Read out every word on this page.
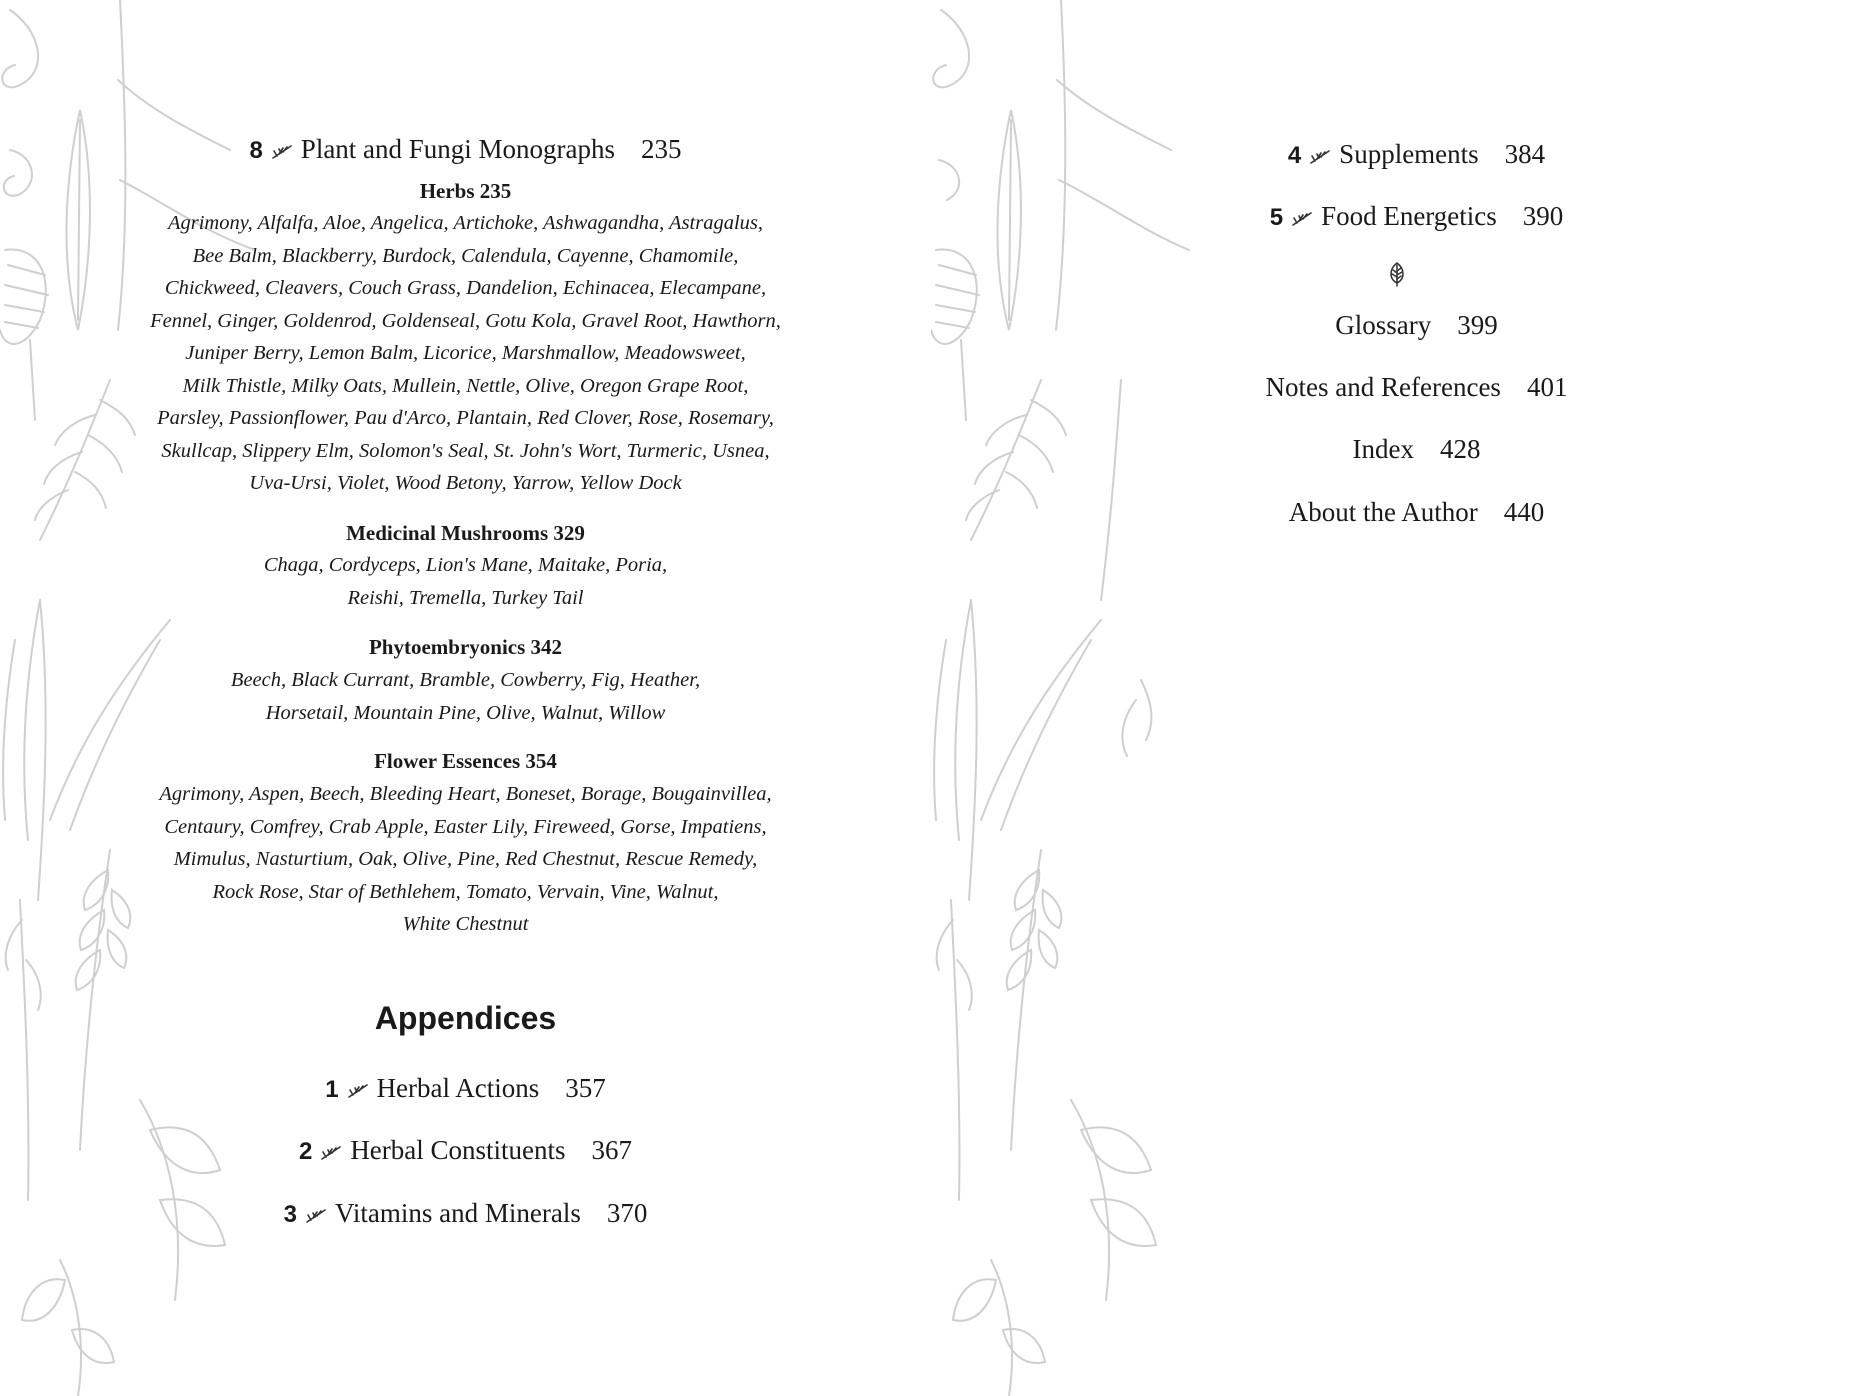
8 Plant and Fungi Monographs 235
Herbs 235
Agrimony, Alfalfa, Aloe, Angelica, Artichoke, Ashwagandha, Astragalus,
Bee Balm, Blackberry, Burdock, Calendula, Cayenne, Chamomile,
Chickweed, Cleavers, Couch Grass, Dandelion, Echinacea, Elecampane,
Fennel, Ginger, Goldenrod, Goldenseal, Gotu Kola, Gravel Root, Hawthorn,
Juniper Berry, Lemon Balm, Licorice, Marshmallow, Meadowsweet,
Milk Thistle, Milky Oats, Mullein, Nettle, Olive, Oregon Grape Root,
Parsley, Passionflower, Pau d'Arco, Plantain, Red Clover, Rose, Rosemary,
Skullcap, Slippery Elm, Solomon's Seal, St. John's Wort, Turmeric, Usnea,
Uva-Ursi, Violet, Wood Betony, Yarrow, Yellow Dock
Medicinal Mushrooms 329
Chaga, Cordyceps, Lion's Mane, Maitake, Poria,
Reishi, Tremella, Turkey Tail
Phytoembryonics 342
Beech, Black Currant, Bramble, Cowberry, Fig, Heather,
Horsetail, Mountain Pine, Olive, Walnut, Willow
Flower Essences 354
Agrimony, Aspen, Beech, Bleeding Heart, Boneset, Borage, Bougainvillea,
Centaury, Comfrey, Crab Apple, Easter Lily, Fireweed, Gorse, Impatiens,
Mimulus, Nasturtium, Oak, Olive, Pine, Red Chestnut, Rescue Remedy,
Rock Rose, Star of Bethlehem, Tomato, Vervain, Vine, Walnut,
White Chestnut
Appendices
1 Herbal Actions 357
2 Herbal Constituents 367
3 Vitamins and Minerals 370
4 Supplements 384
5 Food Energetics 390
Glossary 399
Notes and References 401
Index 428
About the Author 440
